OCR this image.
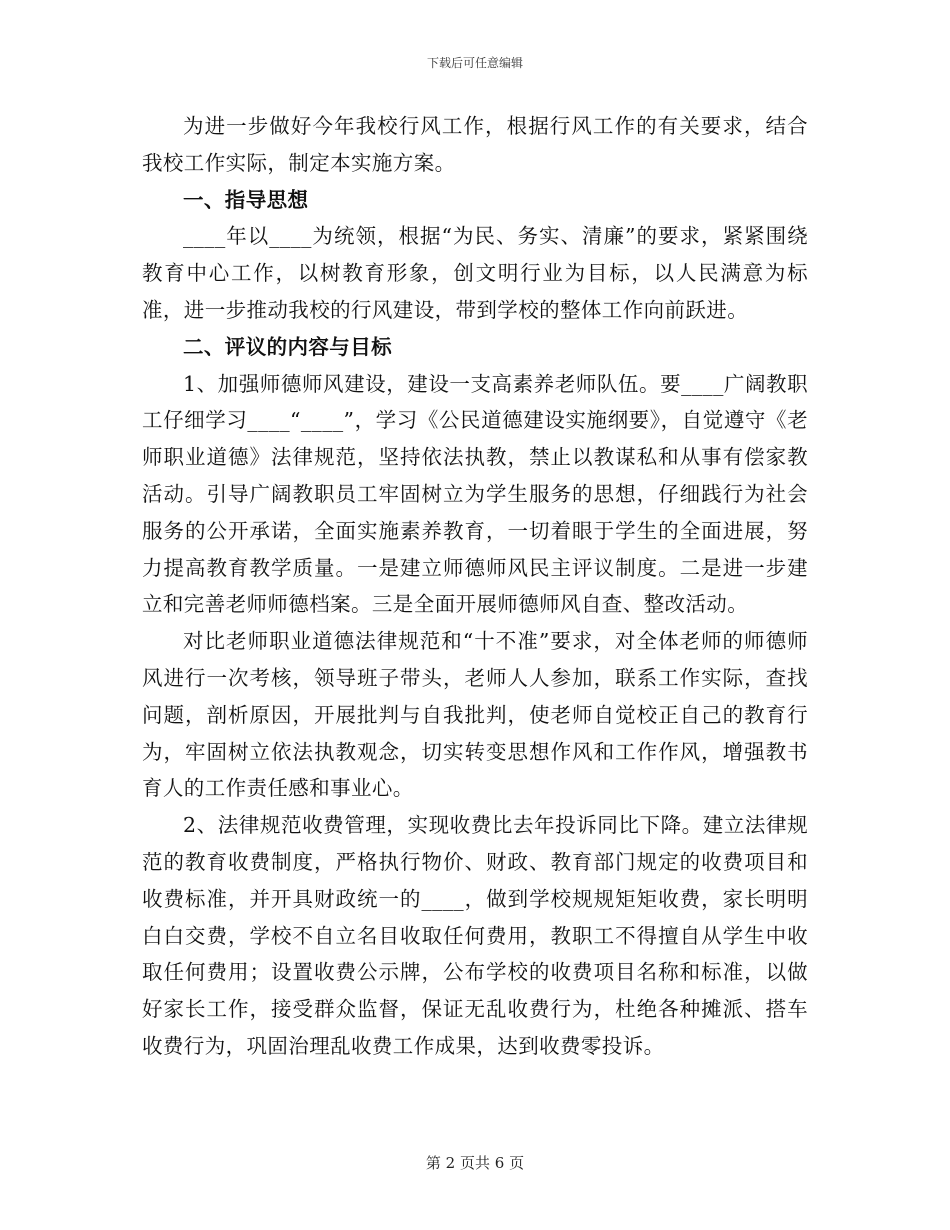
下载后可任意编辑

为进一步做好今年我校行风工作，根据行风工作的有关要求，结合我校工作实际，制定本实施方案。

一、指导思想

____年以____为统领，根据“为民、务实、清廉”的要求，紧紧围绕教育中心工作，以树教育形象，创文明行业为目标，以人民满意为标准，进一步推动我校的行风建设，带到学校的整体工作向前跃进。

二、评议的内容与目标

1、加强师德师风建设，建设一支高素养老师队伍。要____广阔教职工仔细学习____“____”，学习《公民道德建设实施纲要》，自觉遵守《老师职业道德》法律规范，坚持依法执教，禁止以教谋私和从事有偿家教活动。引导广阔教职员工牢固树立为学生服务的思想，仔细践行为社会服务的公开承诺，全面实施素养教育，一切着眼于学生的全面进展，努力提高教育教学质量。一是建立师德师风民主评议制度。二是进一步建立和完善老师师德档案。三是全面开展师德师风自查、整改活动。

对比老师职业道德法律规范和“十不准”要求，对全体老师的师德师风进行一次考核，领导班子带头，老师人人参加，联系工作实际，查找问题，剖析原因，开展批判与自我批判，使老师自觉校正自己的教育行为，牢固树立依法执教观念，切实转变思想作风和工作作风，增强教书育人的工作责任感和事业心。

2、法律规范收费管理，实现收费比去年投诉同比下降。建立法律规范的教育收费制度，严格执行物价、财政、教育部门规定的收费项目和收费标准，并开具财政统一的____，做到学校规规矩矩收费，家长明明白白交费，学校不自立名目收取任何费用，教职工不得擅自从学生中收取任何费用；设置收费公示牌，公布学校的收费项目名称和标准，以做好家长工作，接受群众监督，保证无乱收费行为，杜绝各种摊派、搭车收费行为，巩固治理乱收费工作成果，达到收费零投诉。

第 2 页共 6 页
